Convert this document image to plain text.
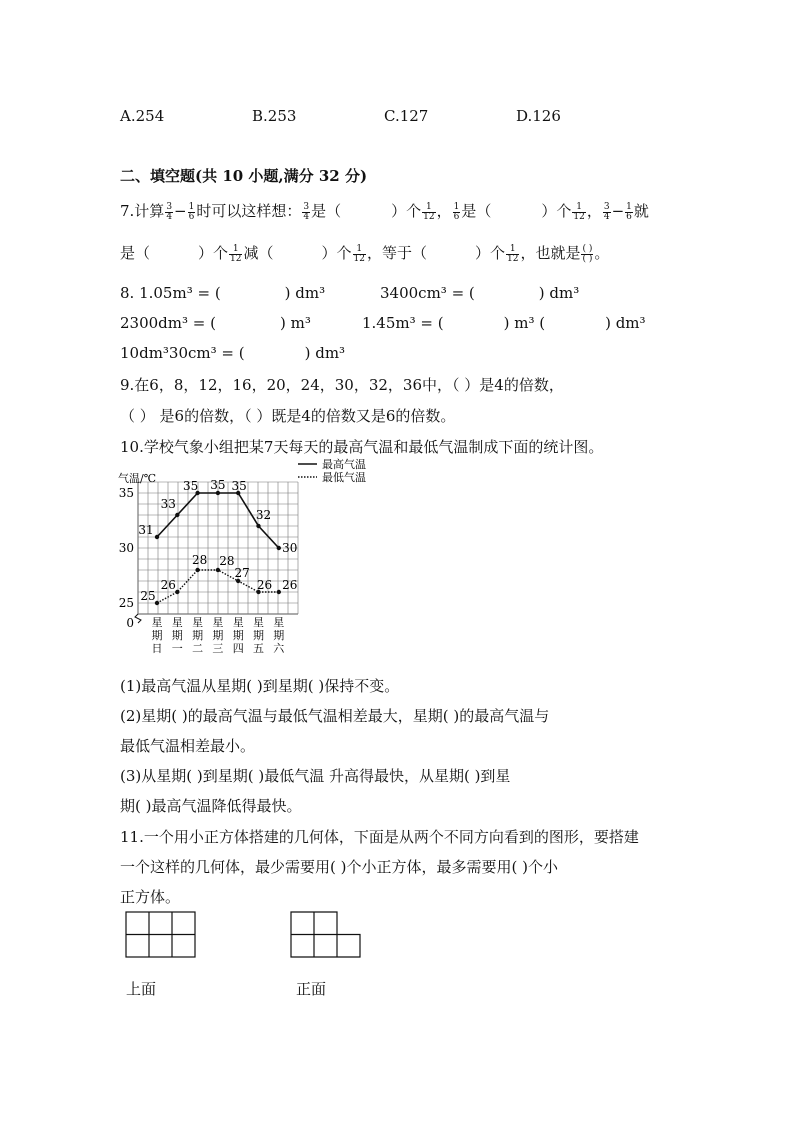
A.254	B.253	C.127	D.126
二、填空题(共 10 小题,满分 32 分)
7.计算 $\frac{3}{4} - \frac{1}{6}$ 时可以这样想： $\frac{3}{4}$ 是（	）个 $\frac{1}{12}$ ， $\frac{1}{6}$ 是（	）个 $\frac{1}{12}$ ， $\frac{3}{4} - \frac{1}{6}$ 就
是（	）个 $\frac{1}{12}$ 减（	）个 $\frac{1}{12}$ ，等于（	）个 $\frac{1}{12}$ ，也就是 $\frac{( )}{( )}$ 。
8. 1.05m³ = (	) dm³	3400cm³ = (	) dm³
2300dm³ = (	) m³	1.45m³ = (	) m³ (	) dm³
10dm³30cm³ = (	) dm³
9.在6，8，12，16，20，24，30，32，36中，（ ）是4的倍数，
（ ） 是6的倍数，（ ）既是4的倍数又是6的倍数。
10.学校气象小组把某7天每天的最高气温和最低气温制成下面的统计图。
最高气温
最低气温
气温/℃
0
25
30
35
星
期
日
星
期
一
星
期
二
星
期
三
星
期
四
星
期
五
星
期
六
31
33
35 35 35
32
30
25
26
28 28
27
26 26
(1)最高气温从星期( )到星期( )保持不变。
(2)星期( )的最高气温与最低气温相差最大，星期( )的最高气温与
最低气温相差最小。
(3)从星期( )到星期( )最低气温 升高得最快，从星期( )到星
期( )最高气温降低得最快。
11.一个用小正方体搭建的几何体，下面是从两个不同方向看到的图形，要搭建
一个这样的几何体，最少需要用( )个小正方体，最多需要用( )个小
正方体。
上面	正面
